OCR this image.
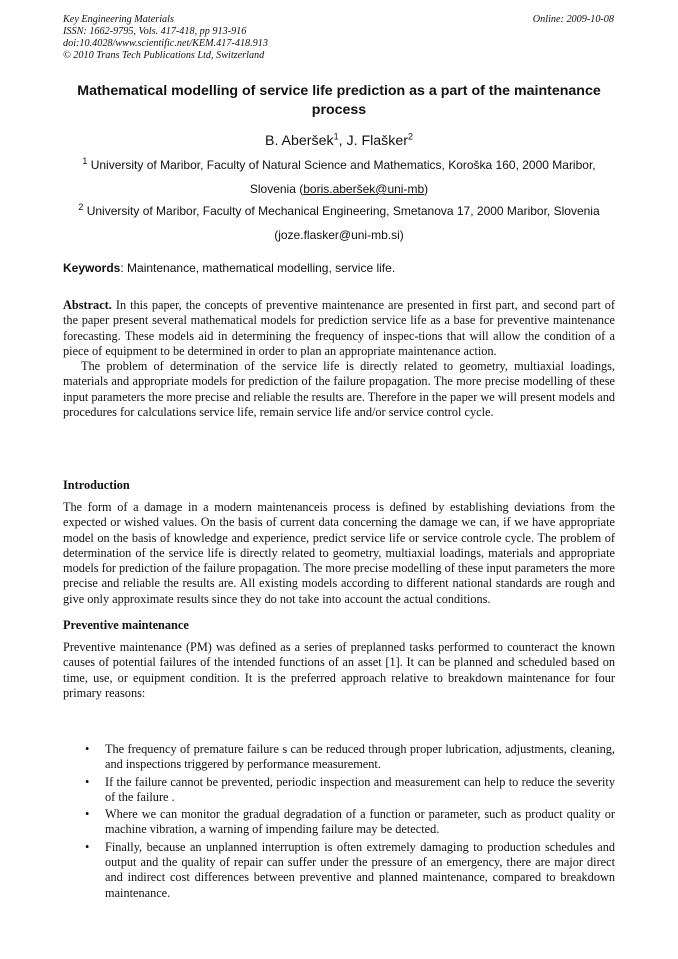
Key Engineering Materials
ISSN: 1662-9795, Vols. 417-418, pp 913-916
doi:10.4028/www.scientific.net/KEM.417-418.913
© 2010 Trans Tech Publications Ltd, Switzerland
Online: 2009-10-08
Mathematical modelling of service life prediction as a part of the maintenance process
B. Aberšek$^1$, J. Flašker$^2$
$^1$ University of Maribor, Faculty of Natural Science and Mathematics, Koroška 160, 2000 Maribor, Slovenia (boris.aberšek@uni-mb)
$^2$ University of Maribor, Faculty of Mechanical Engineering, Smetanova 17, 2000 Maribor, Slovenia (joze.flasker@uni-mb.si)
Keywords: Maintenance, mathematical modelling, service life.

Abstract. In this paper, the concepts of preventive maintenance are presented in first part, and second part of the paper present several mathematical models for prediction service life as a base for preventive maintenance forecasting. These models aid in determining the frequency of inspec-tions that will allow the condition of a piece of equipment to be determined in order to plan an appropriate maintenance action.

The problem of determination of the service life is directly related to geometry, multiaxial loadings, materials and appropriate models for prediction of the failure propagation. The more precise modelling of these input parameters the more precise and reliable the results are. Therefore in the paper we will present models and procedures for calculations service life, remain service life and/or service control cycle.

Introduction
The form of a damage in a modern maintenanceis process is defined by establishing deviations from the expected or wished values. On the basis of current data concerning the damage we can, if we have appropriate model on the basis of knowledge and experience, predict service life or service controle cycle. The problem of determination of the service life is directly related to geometry, multiaxial loadings, materials and appropriate models for prediction of the failure propagation. The more precise modelling of these input parameters the more precise and reliable the results are. All existing models according to different national standards are rough and give only approximate results since they do not take into account the actual conditions.
Preventive maintenance
Preventive maintenance (PM) was defined as a series of preplanned tasks performed to counteract the known causes of potential failures of the intended functions of an asset [1]. It can be planned and scheduled based on time, use, or equipment condition. It is the preferred approach relative to breakdown maintenance for four primary reasons:
• The frequency of premature failure s can be reduced through proper lubrication, adjustments, cleaning, and inspections triggered by performance measurement.
• If the failure cannot be prevented, periodic inspection and measurement can help to reduce the severity of the failure .
• Where we can monitor the gradual degradation of a function or parameter, such as product quality or machine vibration, a warning of impending failure may be detected.
• Finally, because an unplanned interruption is often extremely damaging to production schedules and output and the quality of repair can suffer under the pressure of an emergency, there are major direct and indirect cost differences between preventive and planned maintenance, compared to breakdown maintenance.
